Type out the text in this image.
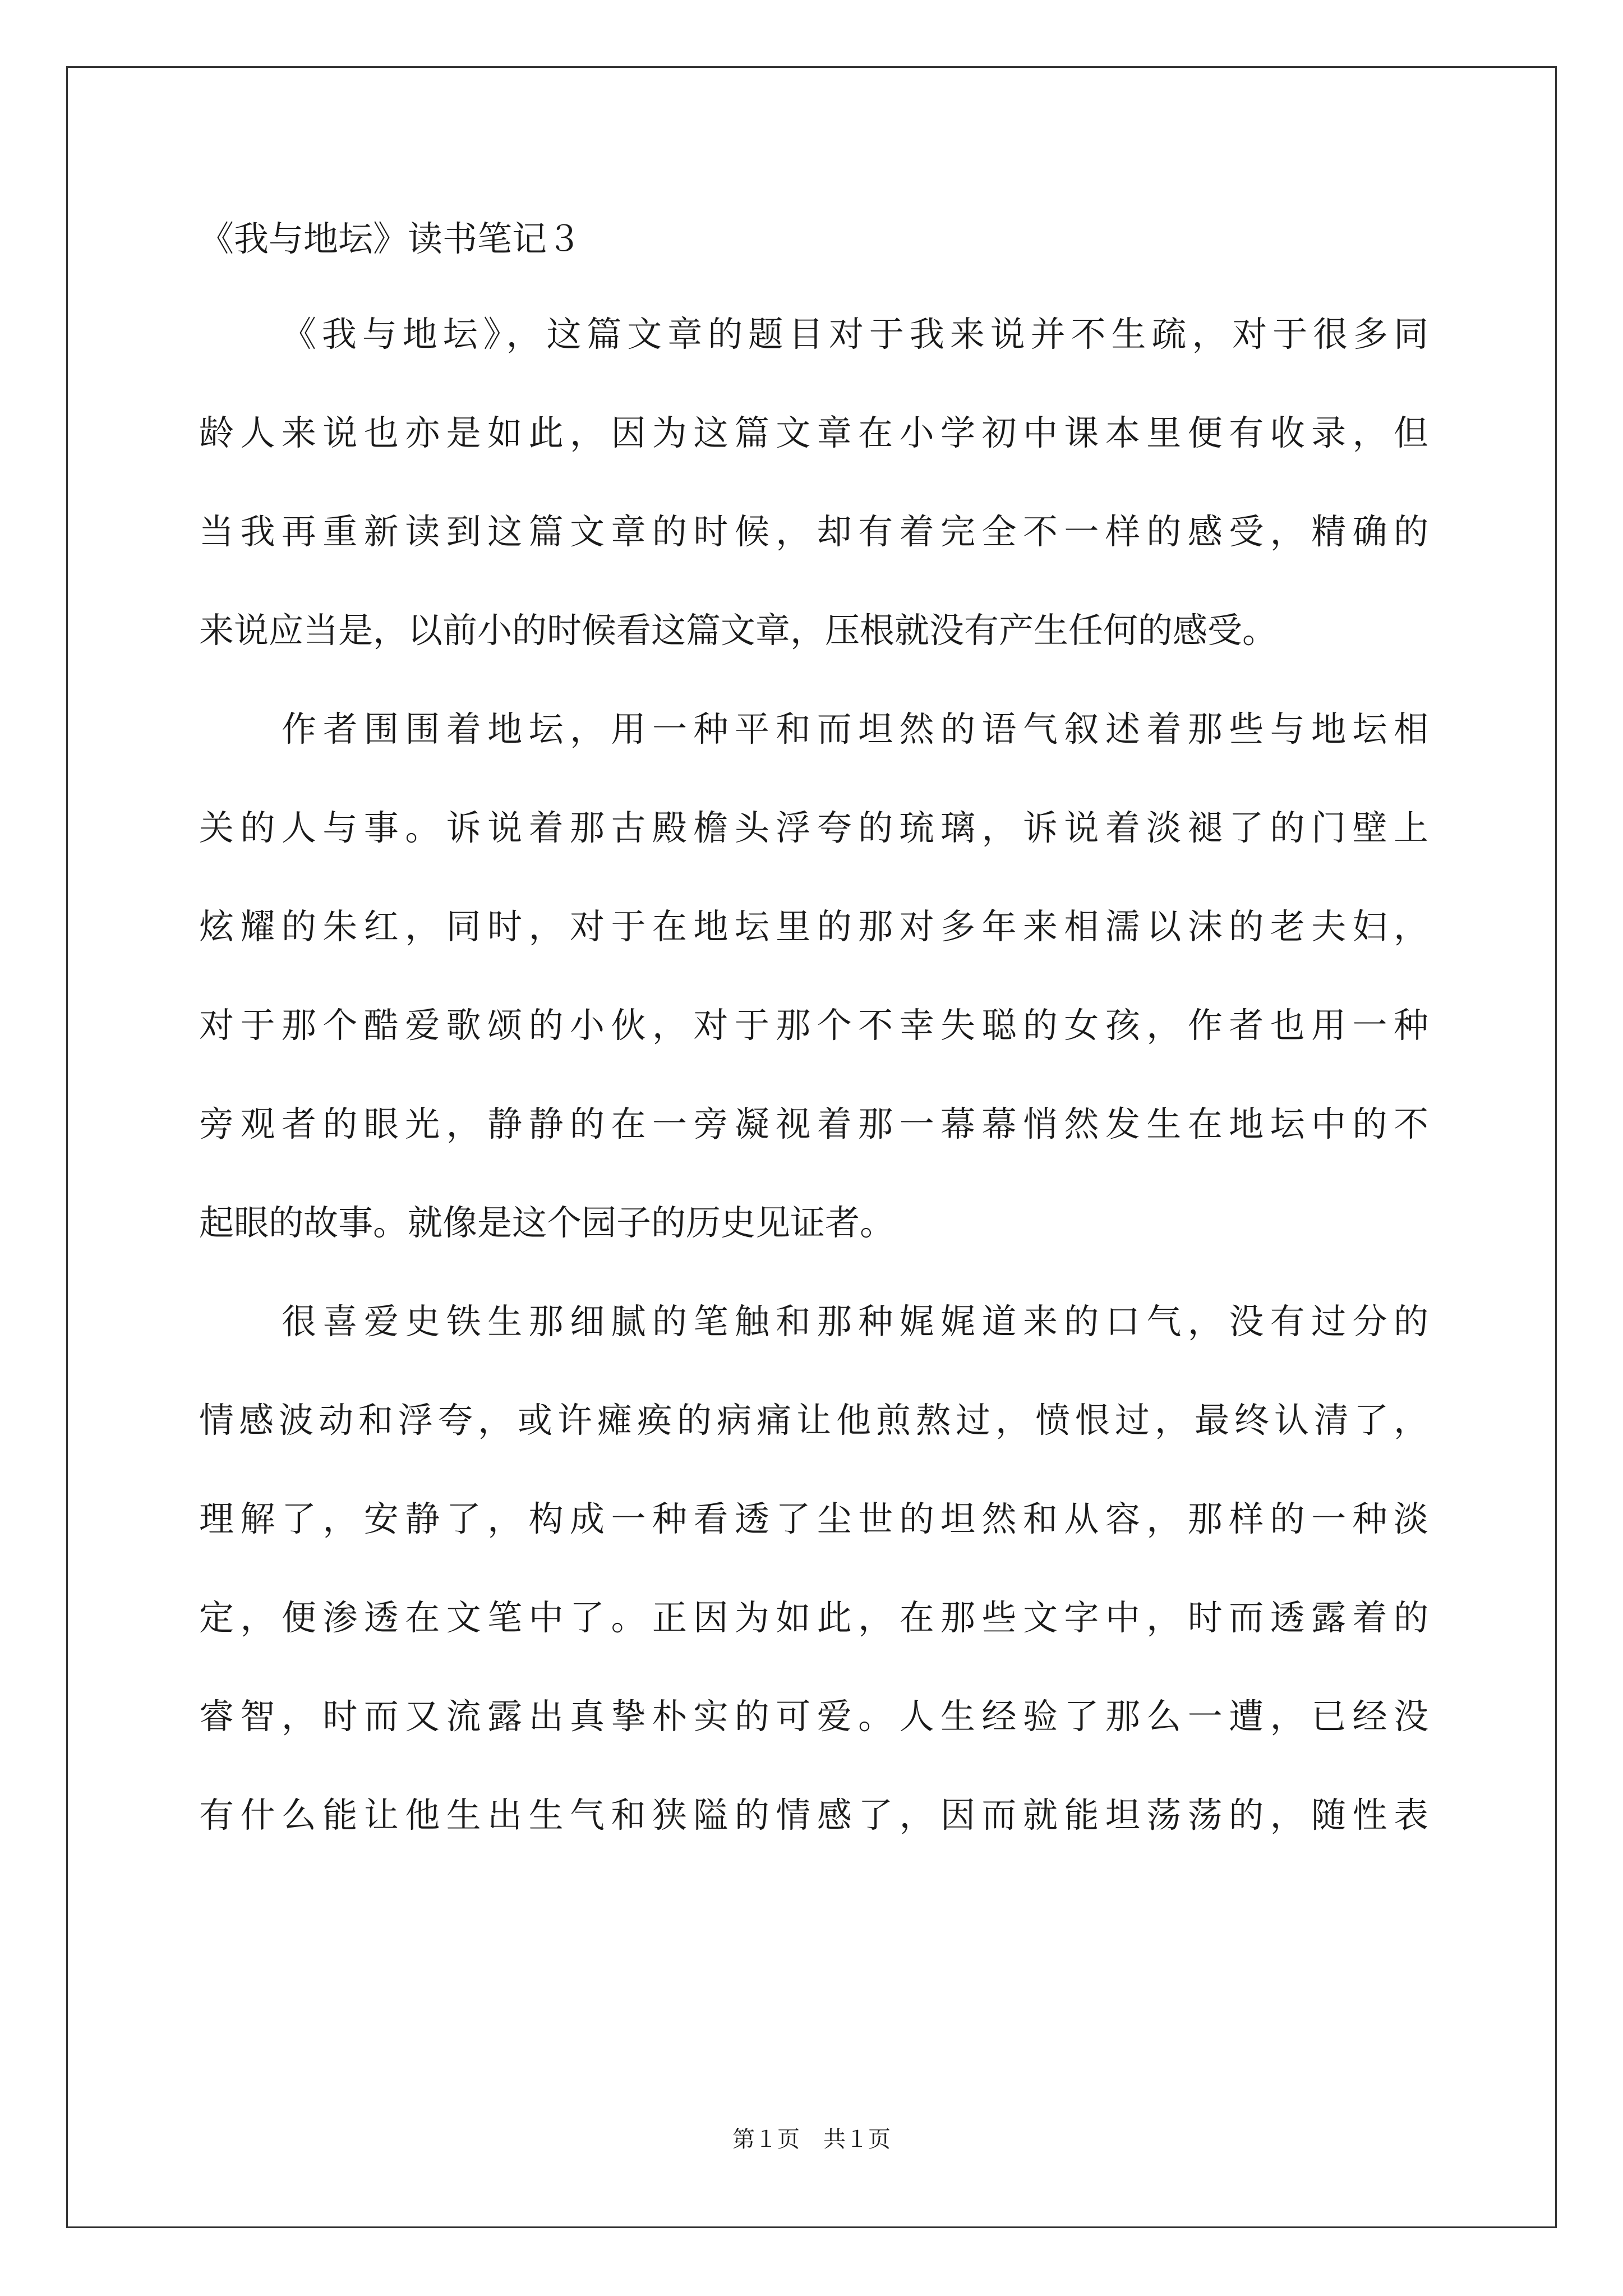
《我与地坛》读书笔记３
《我与地坛》，这篇文章的题目对于我来说并不生疏，对于很多同
龄人来说也亦是如此，因为这篇文章在小学初中课本里便有收录，但
当我再重新读到这篇文章的时候，却有着完全不一样的感受，精确的
来说应当是，以前小的时候看这篇文章，压根就没有产生任何的感受。
作者围围着地坛，用一种平和而坦然的语气叙述着那些与地坛相
关的人与事。诉说着那古殿檐头浮夸的琉璃，诉说着淡褪了的门壁上
炫耀的朱红，同时，对于在地坛里的那对多年来相濡以沫的老夫妇，
对于那个酷爱歌颂的小伙，对于那个不幸失聪的女孩，作者也用一种
旁观者的眼光，静静的在一旁凝视着那一幕幕悄然发生在地坛中的不
起眼的故事。就像是这个园子的历史见证者。
很喜爱史铁生那细腻的笔触和那种娓娓道来的口气，没有过分的
情感波动和浮夸，或许瘫痪的病痛让他煎熬过，愤恨过，最终认清了，
理解了，安静了，构成一种看透了尘世的坦然和从容，那样的一种淡
定，便渗透在文笔中了。正因为如此，在那些文字中，时而透露着的
睿智，时而又流露出真挚朴实的可爱。人生经验了那么一遭，已经没
有什么能让他生出生气和狭隘的情感了，因而就能坦荡荡的，随性表
第１页 共１页
